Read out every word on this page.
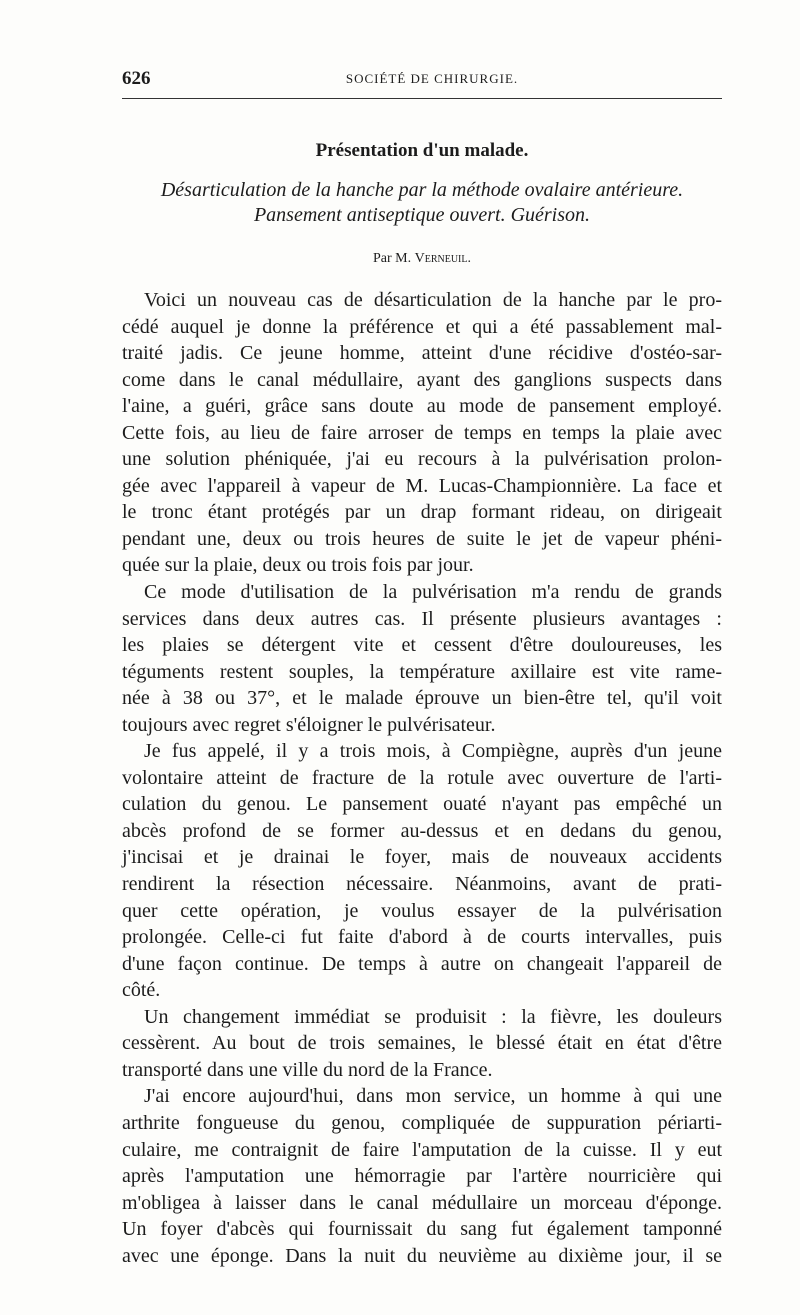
626	SOCIÉTÉ DE CHIRURGIE.
Présentation d'un malade.
Désarticulation de la hanche par la méthode ovalaire antérieure.
Pansement antiseptique ouvert. Guérison.
Par M. Verneuil.
Voici un nouveau cas de désarticulation de la hanche par le pro-
cédé auquel je donne la préférence et qui a été passablement mal-
traité jadis. Ce jeune homme, atteint d'une récidive d'ostéo-sar-
come dans le canal médullaire, ayant des ganglions suspects dans
l'aine, a guéri, grâce sans doute au mode de pansement employé.
Cette fois, au lieu de faire arroser de temps en temps la plaie avec
une solution phéniquée, j'ai eu recours à la pulvérisation prolon-
gée avec l'appareil à vapeur de M. Lucas-Championnière. La face et
le tronc étant protégés par un drap formant rideau, on dirigeait
pendant une, deux ou trois heures de suite le jet de vapeur phéni-
quée sur la plaie, deux ou trois fois par jour.
Ce mode d'utilisation de la pulvérisation m'a rendu de grands
services dans deux autres cas. Il présente plusieurs avantages :
les plaies se détergent vite et cessent d'être douloureuses, les
téguments restent souples, la température axillaire est vite rame-
née à 38 ou 37°, et le malade éprouve un bien-être tel, qu'il voit
toujours avec regret s'éloigner le pulvérisateur.
Je fus appelé, il y a trois mois, à Compiègne, auprès d'un jeune
volontaire atteint de fracture de la rotule avec ouverture de l'arti-
culation du genou. Le pansement ouaté n'ayant pas empêché un
abcès profond de se former au-dessus et en dedans du genou,
j'incisai et je drainai le foyer, mais de nouveaux accidents
rendirent la résection nécessaire. Néanmoins, avant de prati-
quer cette opération, je voulus essayer de la pulvérisation
prolongée. Celle-ci fut faite d'abord à de courts intervalles, puis
d'une façon continue. De temps à autre on changeait l'appareil de
côté.
Un changement immédiat se produisit : la fièvre, les douleurs
cessèrent. Au bout de trois semaines, le blessé était en état d'être
transporté dans une ville du nord de la France.
J'ai encore aujourd'hui, dans mon service, un homme à qui une
arthrite fongueuse du genou, compliquée de suppuration périarti-
culaire, me contraignit de faire l'amputation de la cuisse. Il y eut
après l'amputation une hémorragie par l'artère nourricière qui
m'obligea à laisser dans le canal médullaire un morceau d'éponge.
Un foyer d'abcès qui fournissait du sang fut également tamponné
avec une éponge. Dans la nuit du neuvième au dixième jour, il se
